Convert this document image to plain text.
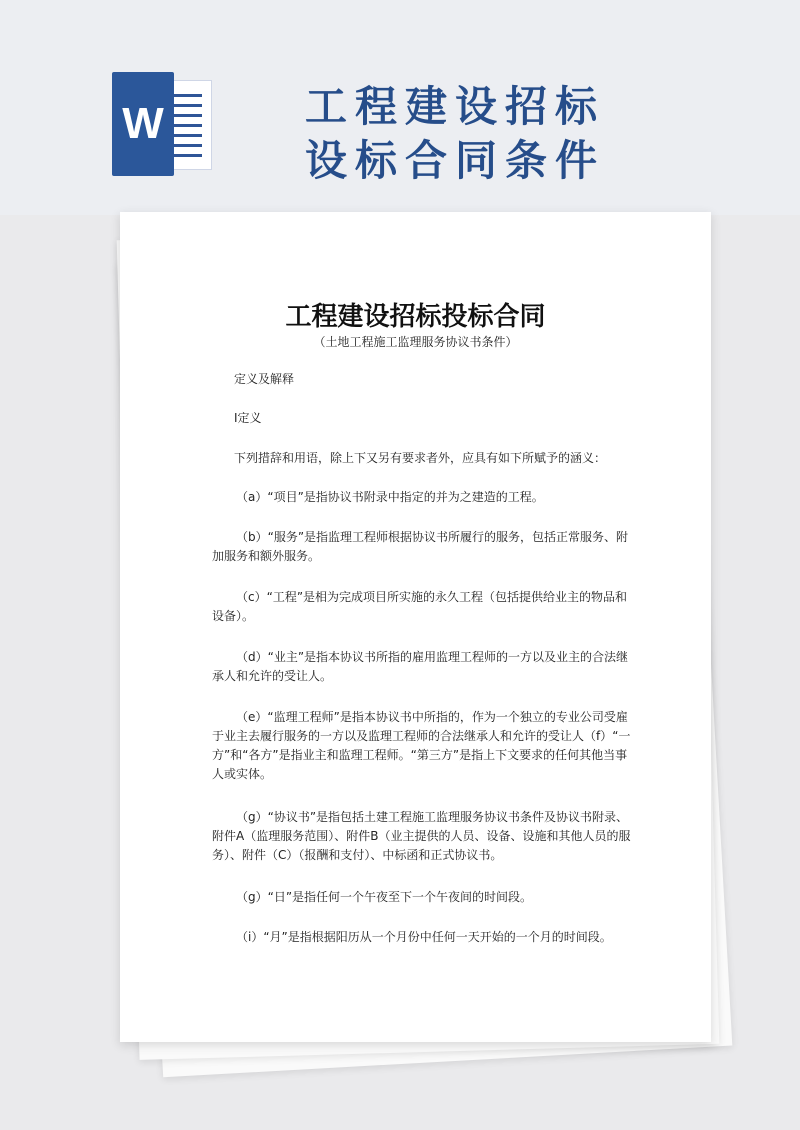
W	工程建设招标
设标合同条件
工程建设招标投标合同
（土地工程施工监理服务协议书条件）
定义及解释
I定义
下列措辞和用语，除上下又另有要求者外，应具有如下所赋予的涵义：
（a）“项目”是指协议书附录中指定的并为之建造的工程。
（b）“服务”是指监理工程师根据协议书所履行的服务，包括正常服务、附加服务和额外服务。
（c）“工程”是相为完成项目所实施的永久工程（包括提供给业主的物品和设备）。
（d）“业主”是指本协议书所指的雇用监理工程师的一方以及业主的合法继承人和允许的受让人。
（e）“监理工程师”是指本协议书中所指的，作为一个独立的专业公司受雇于业主去履行服务的一方以及监理工程师的合法继承人和允许的受让人（f）“一方”和“各方”是指业主和监理工程师。“第三方”是指上下文要求的任何其他当事人或实体。
（g）“协议书”是指包括土建工程施工监理服务协议书条件及协议书附录、附件A（监理服务范围）、附件B（业主提供的人员、设备、设施和其他人员的服务）、附件（C）（报酬和支付）、中标函和正式协议书。
（g）“日”是指任何一个午夜至下一个午夜间的时间段。
（i）“月”是指根据阳历从一个月份中任何一天开始的一个月的时间段。
